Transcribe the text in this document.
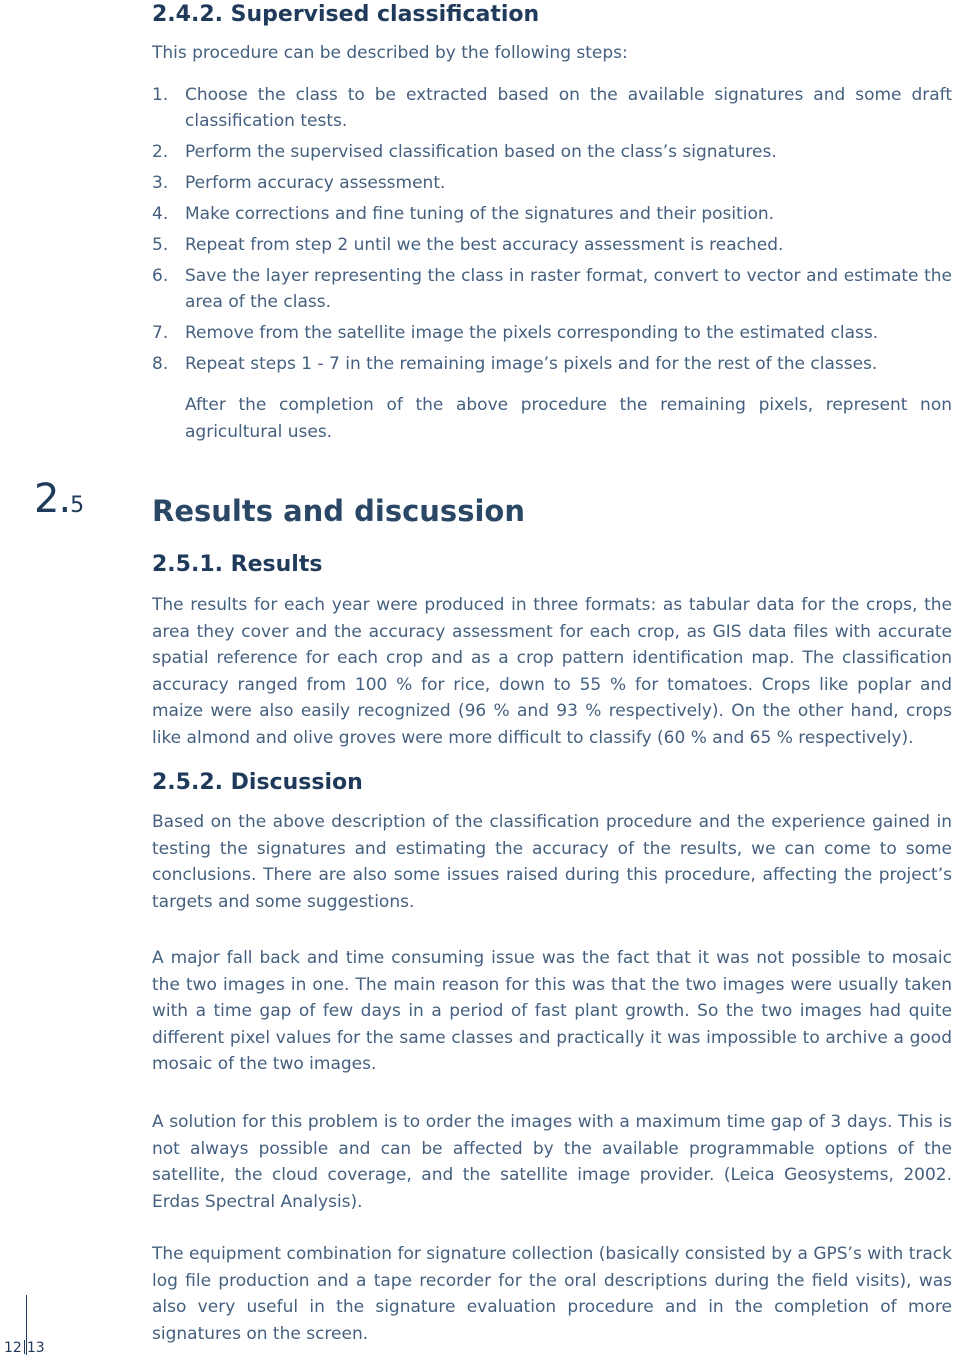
2.4.2. Supervised classification

This procedure can be described by the following steps:

1. Choose the class to be extracted based on the available signatures and some draft classification tests.
2. Perform the supervised classification based on the class’s signatures.
3. Perform accuracy assessment.
4. Make corrections and fine tuning of the signatures and their position.
5. Repeat from step 2 until we the best accuracy assessment is reached.
6. Save the layer representing the class in raster format, convert to vector and estimate the area of the class.
7. Remove from the satellite image the pixels corresponding to the estimated class.
8. Repeat steps 1 - 7 in the remaining image’s pixels and for the rest of the classes.

After the completion of the above procedure the remaining pixels, represent non agricultural uses.

2.5 Results and discussion
2.5.1. Results

The results for each year were produced in three formats: as tabular data for the crops, the area they cover and the accuracy assessment for each crop, as GIS data files with accurate spatial reference for each crop and as a crop pattern identification map. The classification accuracy ranged from 100 % for rice, down to 55 % for tomatoes. Crops like poplar and maize were also easily recognized (96 % and 93 % respectively). On the other hand, crops like almond and olive groves were more difficult to classify (60 % and 65 % respectively).

2.5.2. Discussion

Based on the above description of the classification procedure and the experience gained in testing the signatures and estimating the accuracy of the results, we can come to some conclusions. There are also some issues raised during this procedure, affecting the project’s targets and some suggestions.

A major fall back and time consuming issue was the fact that it was not possible to mosaic the two images in one. The main reason for this was that the two images were usually taken with a time gap of few days in a period of fast plant growth. So the two images had quite different pixel values for the same classes and practically it was impossible to archive a good mosaic of the two images.

A solution for this problem is to order the images with a maximum time gap of 3 days. This is not always possible and can be affected by the available programmable options of the satellite, the cloud coverage, and the satellite image provider. (Leica Geosystems, 2002. Erdas Spectral Analysis).

The equipment combination for signature collection (basically consisted by a GPS’s with track log file production and a tape recorder for the oral descriptions during the field visits), was also very useful in the signature evaluation procedure and in the completion of more signatures on the screen.

12 13
